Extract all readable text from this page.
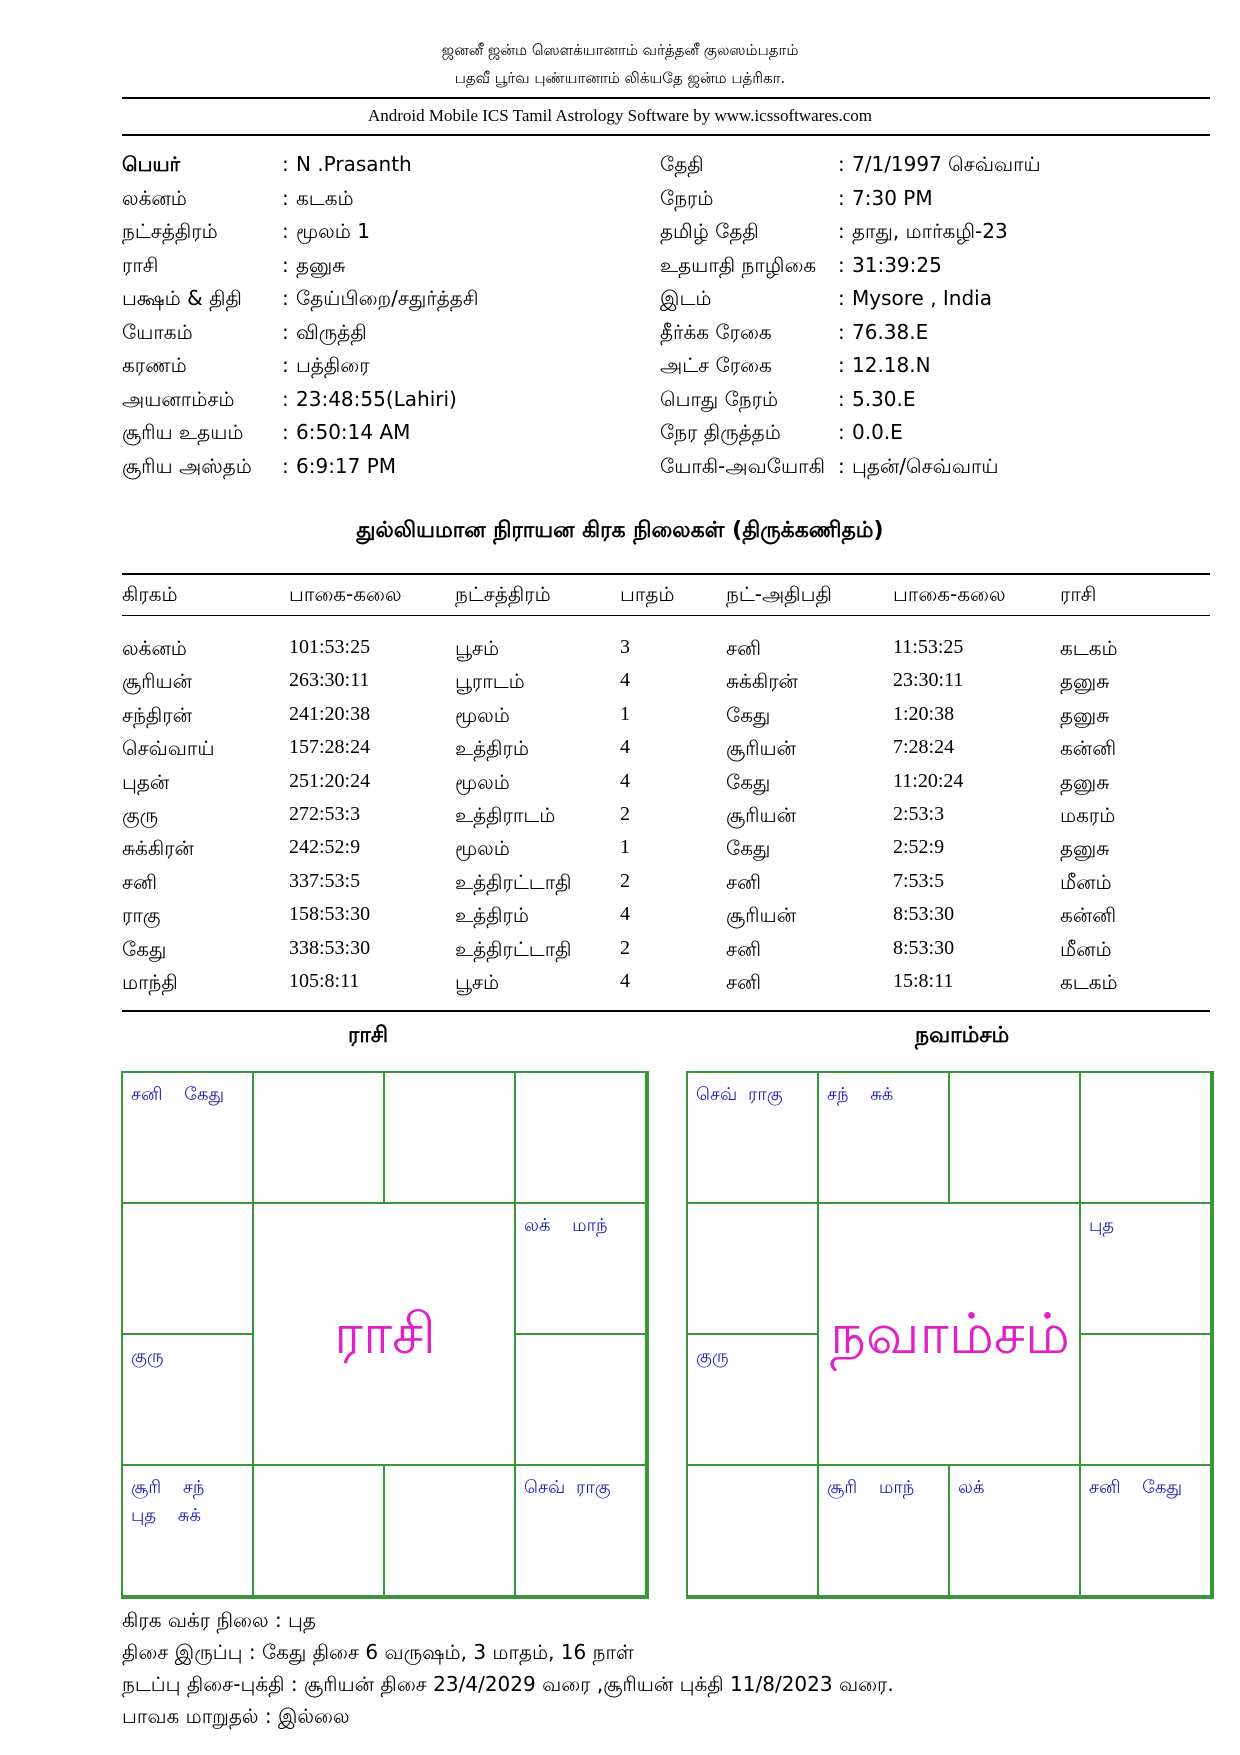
ஜனனீ ஜன்ம ஸௌக்யானாம் வர்த்தனீ குலஸம்பதாம்
பதவீ பூர்வ புண்யானாம் லிக்யதே ஜன்ம பத்ரிகா.
Android Mobile ICS Tamil Astrology Software by www.icssoftwares.com
பெயர்	: N .Prasanth
லக்னம்	: கடகம்
நட்சத்திரம்	: மூலம் 1
ராசி	: தனுசு
பக்ஷம் & திதி : தேய்பிறை/சதுர்த்தசி
யோகம்	: விருத்தி
கரணம்	: பத்திரை
அயனாம்சம் : 23:48:55(Lahiri)
சூரிய உதயம் : 6:50:14 AM
சூரிய அஸ்தம் : 6:9:17 PM
தேதி	: 7/1/1997 செவ்வாய்
நேரம்	: 7:30 PM
தமிழ் தேதி	: தாது, மார்கழி-23
உதயாதி நாழிகை : 31:39:25
இடம்	: Mysore , India
தீர்க்க ரேகை	: 76.38.E
அட்ச ரேகை	: 12.18.N
பொது நேரம்	: 5.30.E
நேர திருத்தம்	: 0.0.E
யோகி-அவயோகி : புதன்/செவ்வாய்
துல்லியமான நிராயன கிரக நிலைகள் (திருக்கணிதம்)
கிரகம்	பாகை-கலை	நட்சத்திரம்	பாதம்	நட்-அதிபதி	பாகை-கலை	ராசி
லக்னம்	101:53:25	பூசம்	3	சனி	11:53:25	கடகம்
சூரியன்	263:30:11	பூராடம்	4	சுக்கிரன்	23:30:11	தனுசு
சந்திரன்	241:20:38	மூலம்	1	கேது	1:20:38	தனுசு
செவ்வாய்	157:28:24	உத்திரம்	4	சூரியன்	7:28:24	கன்னி
புதன்	251:20:24	மூலம்	4	கேது	11:20:24	தனுசு
குரு	272:53:3	உத்திராடம்	2	சூரியன்	2:53:3	மகரம்
சுக்கிரன்	242:52:9	மூலம்	1	கேது	2:52:9	தனுசு
சனி	337:53:5	உத்திரட்டாதி 2	சனி	7:53:5	மீனம்
ராகு	158:53:30	உத்திரம்	4	சூரியன்	8:53:30	கன்னி
கேது	338:53:30	உத்திரட்டாதி 2	சனி	8:53:30	மீனம்
மாந்தி	105:8:11	பூசம்	4	சனி	15:8:11	கடகம்
ராசி	நவாம்சம்
சனி  கேது
லக்  மாந்
குரு
சூரி  சந்
புத  சுக்
செவ் ராகு
ராசி
செவ் ராகு சந்  சுக்
புத
குரு
சூரி  மாந் லக்	சனி  கேது
நவாம்சம்
கிரக வக்ர நிலை : புத
திசை இருப்பு : கேது திசை 6 வருஷம், 3 மாதம், 16 நாள்
நடப்பு திசை-புக்தி : சூரியன் திசை 23/4/2029 வரை ,சூரியன் புக்தி 11/8/2023 வரை.
பாவக மாறுதல் : இல்லை
